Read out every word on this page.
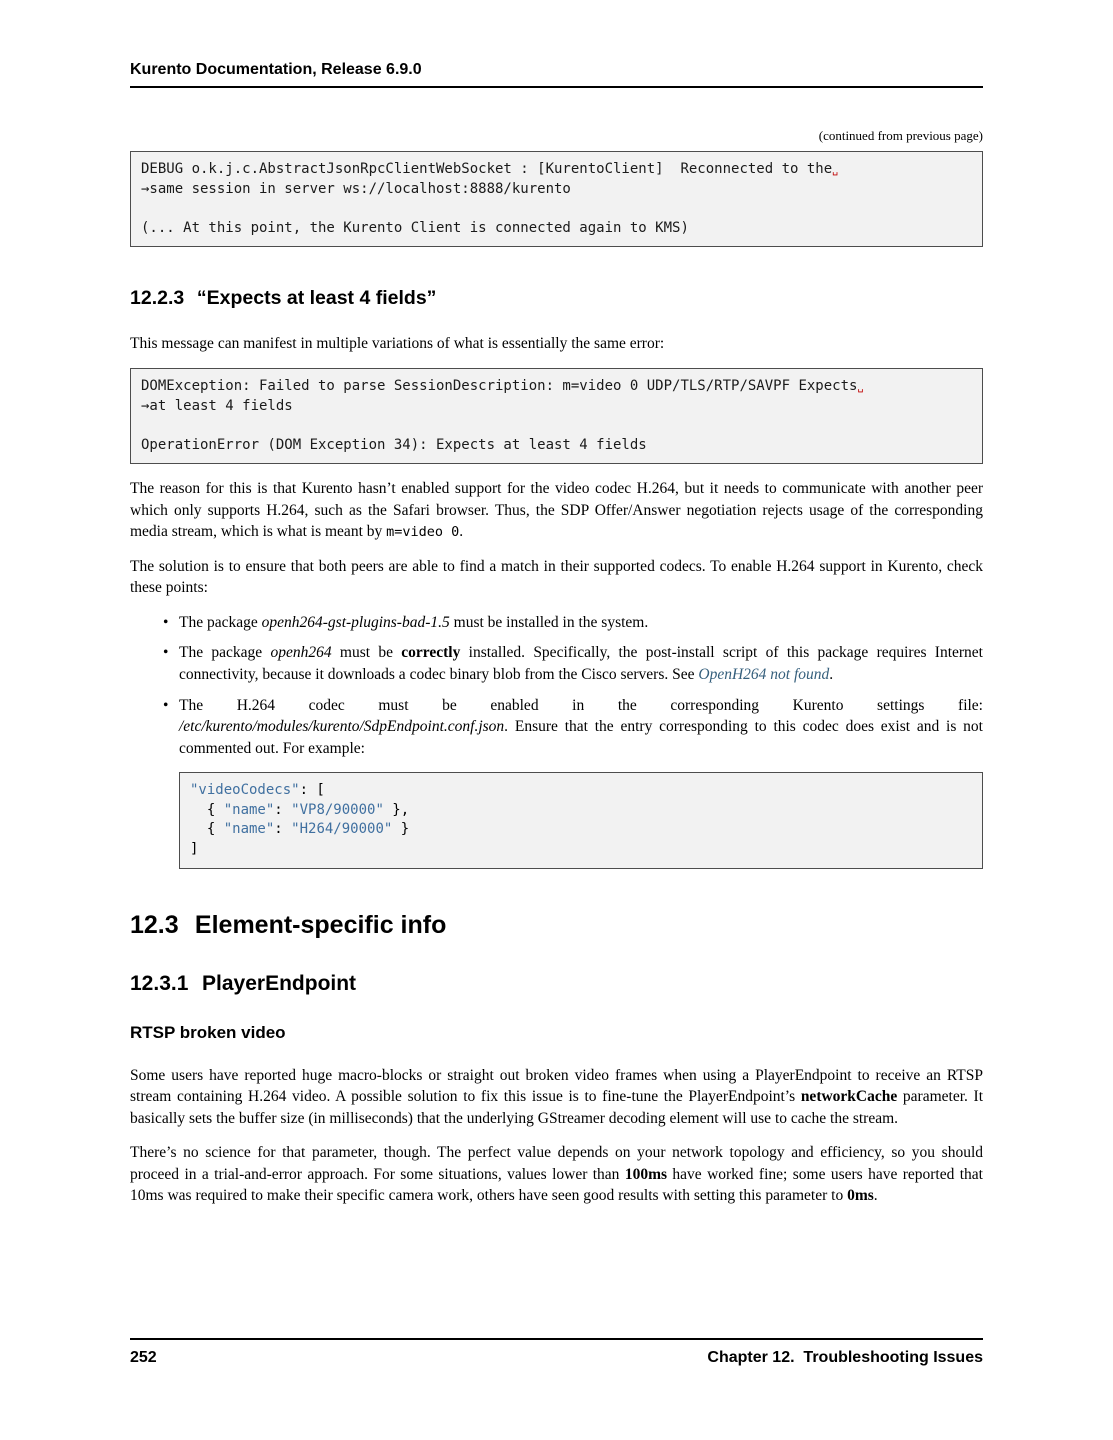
Kurento Documentation, Release 6.9.0
(continued from previous page)
DEBUG o.k.j.c.AbstractJsonRpcClientWebSocket : [KurentoClient]  Reconnected to the␣
→same session in server ws://localhost:8888/kurento

(... At this point, the Kurento Client is connected again to KMS)
12.2.3 “Expects at least 4 fields”

This message can manifest in multiple variations of what is essentially the same error:

DOMException: Failed to parse SessionDescription: m=video 0 UDP/TLS/RTP/SAVPF Expects␣
→at least 4 fields

OperationError (DOM Exception 34): Expects at least 4 fields

The reason for this is that Kurento hasn’t enabled support for the video codec H.264, but it needs to communicate with another peer which only supports H.264, such as the Safari browser. Thus, the SDP Offer/Answer negotiation rejects usage of the corresponding media stream, which is what is meant by m=video 0.

The solution is to ensure that both peers are able to find a match in their supported codecs. To enable H.264 support in Kurento, check these points:

• The package openh264-gst-plugins-bad-1.5 must be installed in the system.
• The package openh264 must be correctly installed. Specifically, the post-install script of this package requires Internet connectivity, because it downloads a codec binary blob from the Cisco servers. See OpenH264 not found.
• The H.264 codec must be enabled in the corresponding Kurento settings file: /etc/kurento/modules/kurento/SdpEndpoint.conf.json. Ensure that the entry corresponding to this codec does exist and is not commented out. For example:
"videoCodecs": [
{ "name": "VP8/90000" },
{ "name": "H264/90000" }
]
12.3 Element-specific info
12.3.1 PlayerEndpoint
RTSP broken video

Some users have reported huge macro-blocks or straight out broken video frames when using a PlayerEndpoint to receive an RTSP stream containing H.264 video. A possible solution to fix this issue is to fine-tune the PlayerEndpoint’s networkCache parameter. It basically sets the buffer size (in milliseconds) that the underlying GStreamer decoding element will use to cache the stream.

There’s no science for that parameter, though. The perfect value depends on your network topology and efficiency, so you should proceed in a trial-and-error approach. For some situations, values lower than 100ms have worked fine; some users have reported that 10ms was required to make their specific camera work, others have seen good results with setting this parameter to 0ms.

252	Chapter 12.  Troubleshooting Issues
